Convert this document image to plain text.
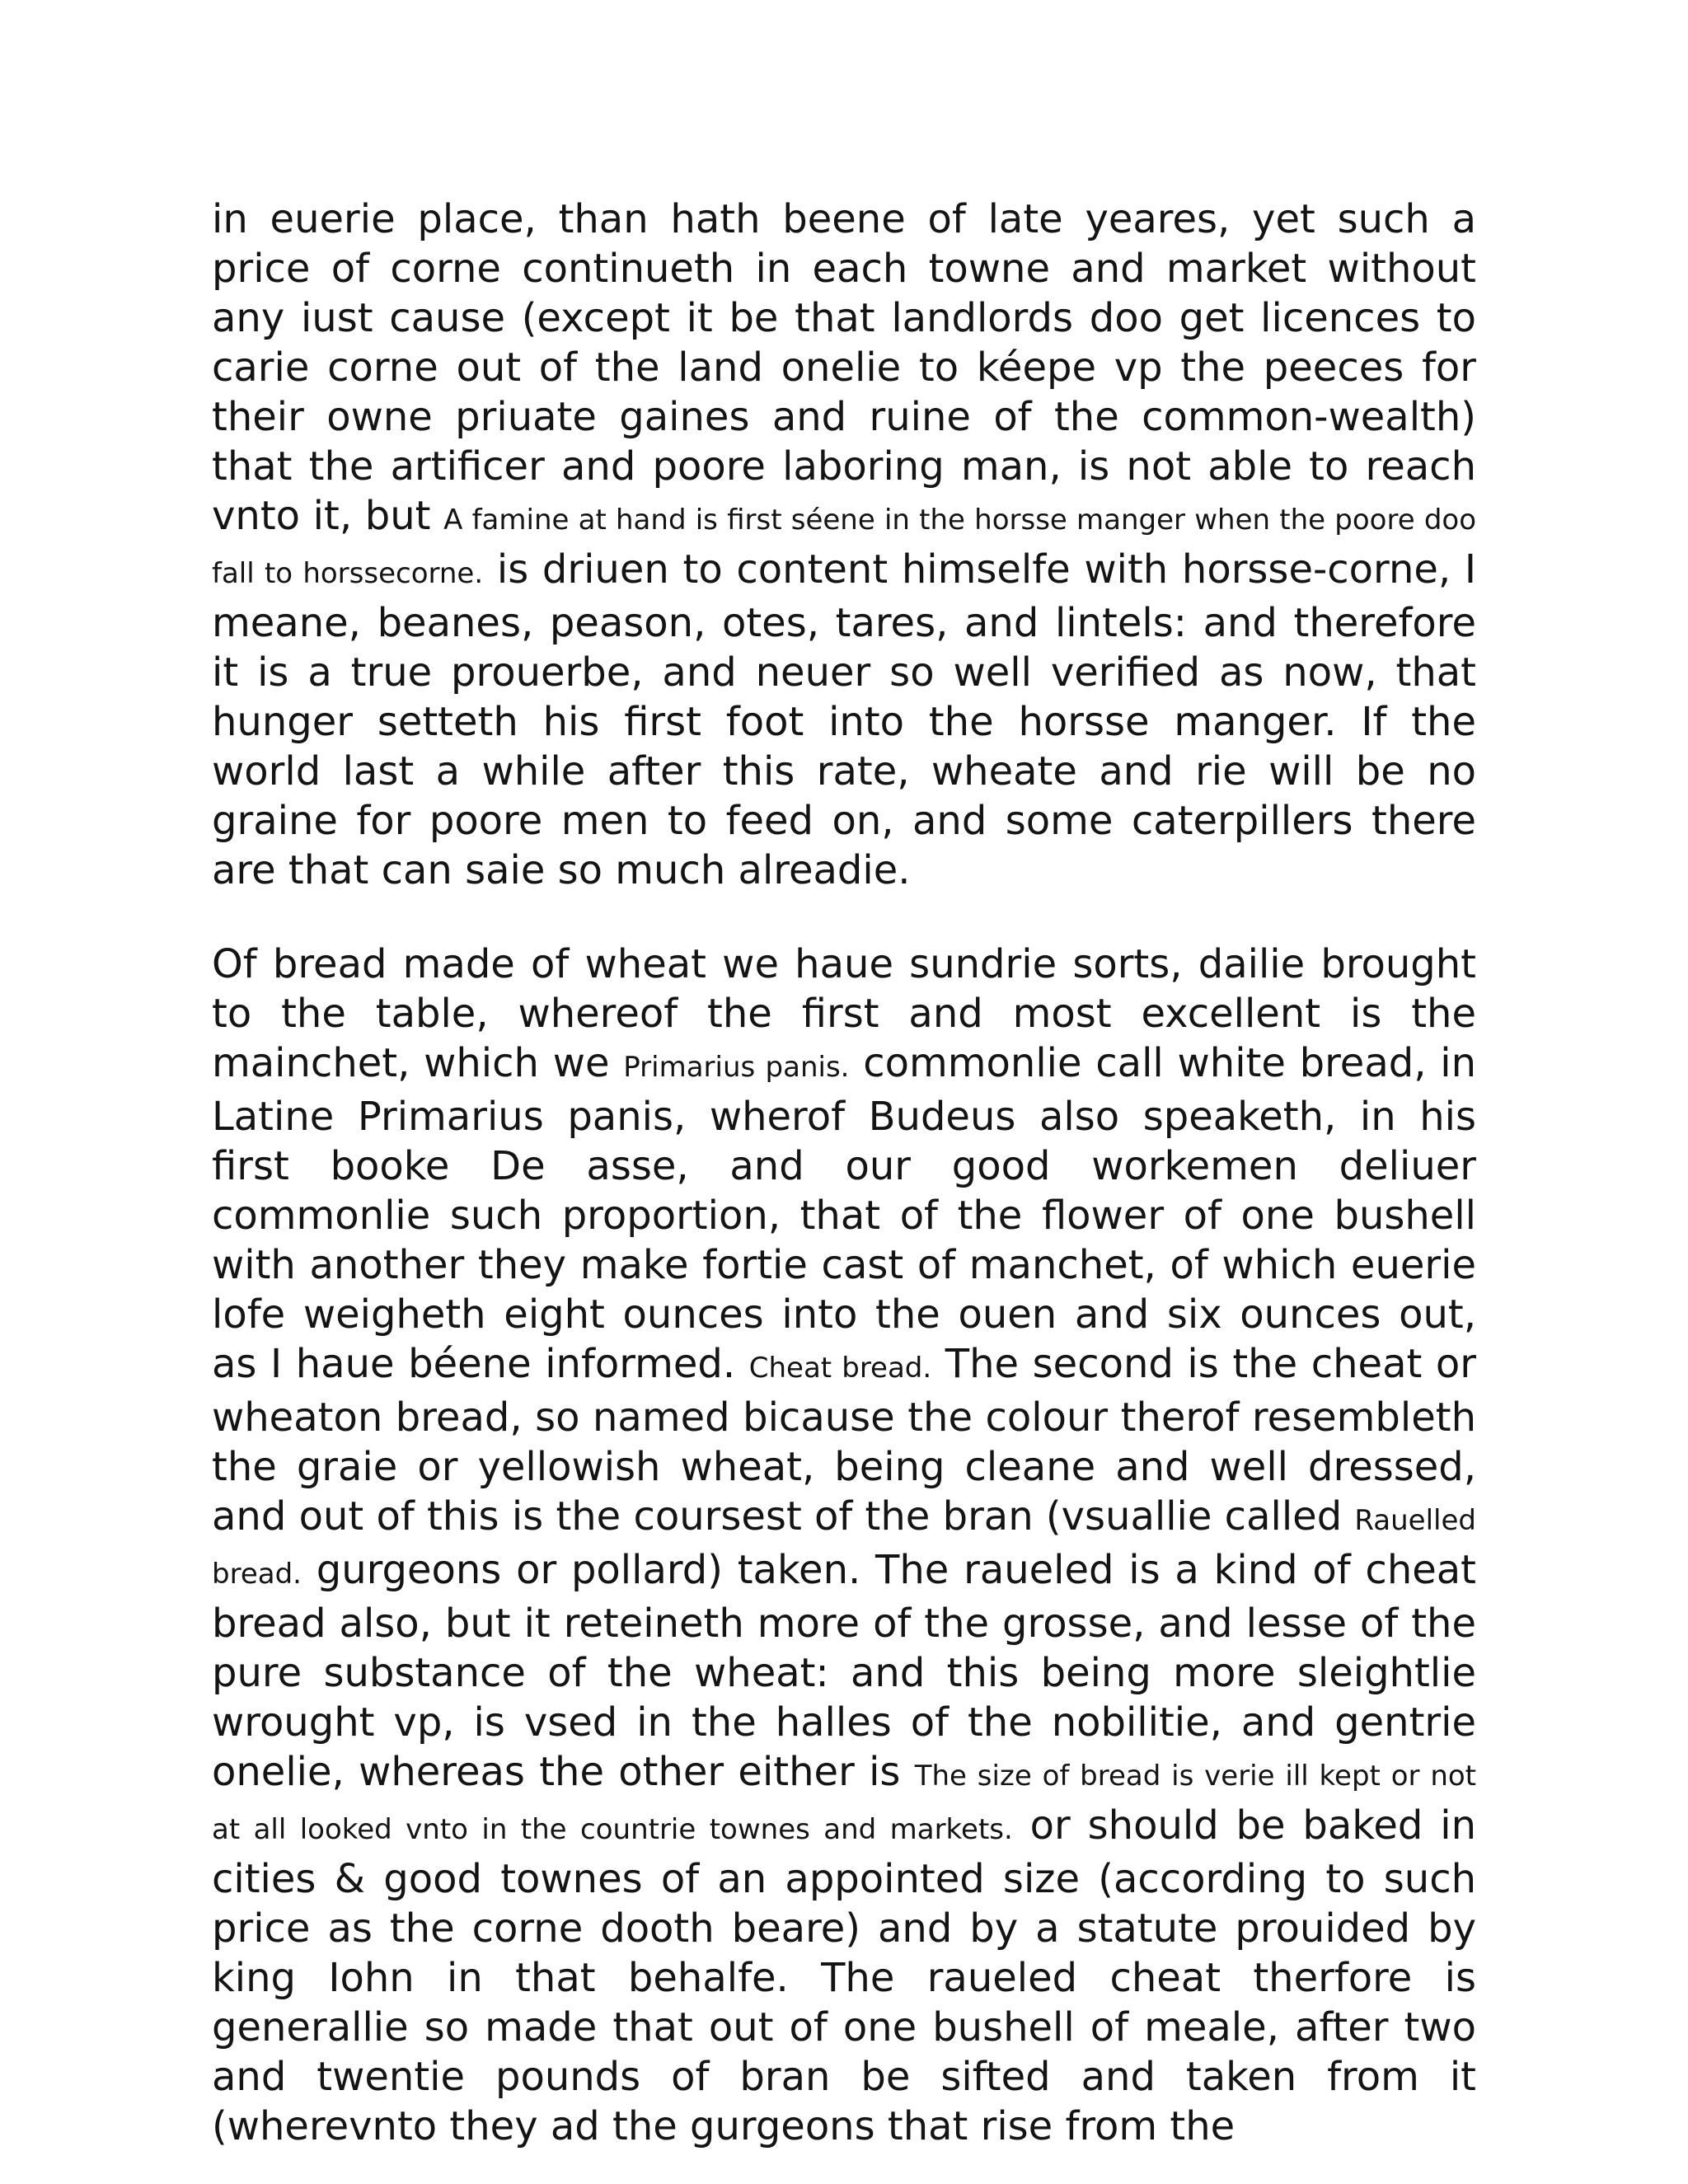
in euerie place, than hath beene of late yeares, yet such a price of corne continueth in each towne and market without any iust cause (except it be that landlords doo get licences to carie corne out of the land onelie to kéepe vp the peeces for their owne priuate gaines and ruine of the common-wealth) that the artificer and poore laboring man, is not able to reach vnto it, but A famine at hand is first séene in the horsse manger when the poore doo fall to horssecorne. is driuen to content himselfe with horsse-corne, I meane, beanes, peason, otes, tares, and lintels: and therefore it is a true prouerbe, and neuer so well verified as now, that hunger setteth his first foot into the horsse manger. If the world last a while after this rate, wheate and rie will be no graine for poore men to feed on, and some caterpillers there are that can saie so much alreadie.

Of bread made of wheat we haue sundrie sorts, dailie brought to the table, whereof the first and most excellent is the mainchet, which we Primarius panis. commonlie call white bread, in Latine Primarius panis, wherof Budeus also speaketh, in his first booke De asse, and our good workemen deliuer commonlie such proportion, that of the flower of one bushell with another they make fortie cast of manchet, of which euerie lofe weigheth eight ounces into the ouen and six ounces out, as I haue béene informed. Cheat bread. The second is the cheat or wheaton bread, so named bicause the colour therof resembleth the graie or yellowish wheat, being cleane and well dressed, and out of this is the coursest of the bran (vsuallie called Rauelled bread. gurgeons or pollard) taken. The raueled is a kind of cheat bread also, but it reteineth more of the grosse, and lesse of the pure substance of the wheat: and this being more sleightlie wrought vp, is vsed in the halles of the nobilitie, and gentrie onelie, whereas the other either is The size of bread is verie ill kept or not at all looked vnto in the countrie townes and markets. or should be baked in cities & good townes of an appointed size (according to such price as the corne dooth beare) and by a statute prouided by king Iohn in that behalfe. The raueled cheat therfore is generallie so made that out of one bushell of meale, after two and twentie pounds of bran be sifted and taken from it (wherevnto they ad the gurgeons that rise from the
